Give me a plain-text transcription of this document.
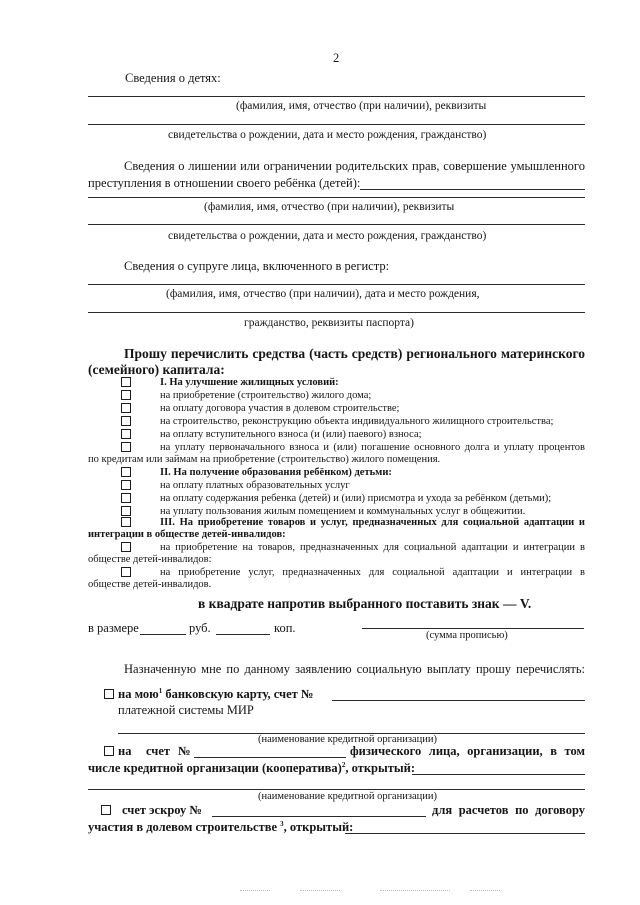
2
Сведения о детях:
(фамилия, имя, отчество (при наличии), реквизиты
свидетельства о рождении, дата и место рождения, гражданство)
Сведения о лишении или ограничении родительских прав, совершение умышленного
преступления в отношении своего ребёнка (детей):
(фамилия, имя, отчество (при наличии), реквизиты
свидетельства о рождении, дата и место рождения, гражданство)
Сведения о супруге лица, включенного в регистр:
(фамилия, имя, отчество (при наличии), дата и место рождения,
гражданство, реквизиты паспорта)
Прошу перечислить средства (часть средств) регионального материнского
(семейного) капитала:
I. На улучшение жилищных условий:
на приобретение (строительство) жилого дома;
на оплату договора участия в долевом строительстве;
на строительство, реконструкцию объекта индивидуального жилищного строительства;
на оплату вступительного взноса (и (или) паевого) взноса;
на уплату первоначального взноса и (или) погашение основного долга и уплату процентов
по кредитам или займам на приобретение (строительство) жилого помещения.
II. На получение образования ребёнком) детьми:
на оплату платных образовательных услуг
на оплату содержания ребенка (детей) и (или) присмотра и ухода за ребёнком (детьми);
на уплату пользования жилым помещением и коммунальных услуг в общежитии.
III. На приобретение товаров и услуг, предназначенных для социальной адаптации и
интеграции в обществе детей-инвалидов:
на приобретение на товаров, предназначенных для социальной адаптации и интеграции в
обществе детей-инвалидов:
на приобретение услуг, предназначенных для социальной адаптации и интеграции в
обществе детей-инвалидов.
в квадрате напротив выбранного поставить знак — V.
в размере	руб.	коп.
(сумма прописью)
Назначенную мне по данному заявлению социальную выплату прошу перечислять:
на мою$^1$ банковскую карту, счет №
платежной системы МИР
(наименование кредитной организации)
на счет №	физического лица, организации, в том
числе кредитной организации (кооператива)$^2$, открытый:
(наименование кредитной организации)
счет эскроу №	для расчетов по договору
участия в долевом строительстве $^3$, открытый:
